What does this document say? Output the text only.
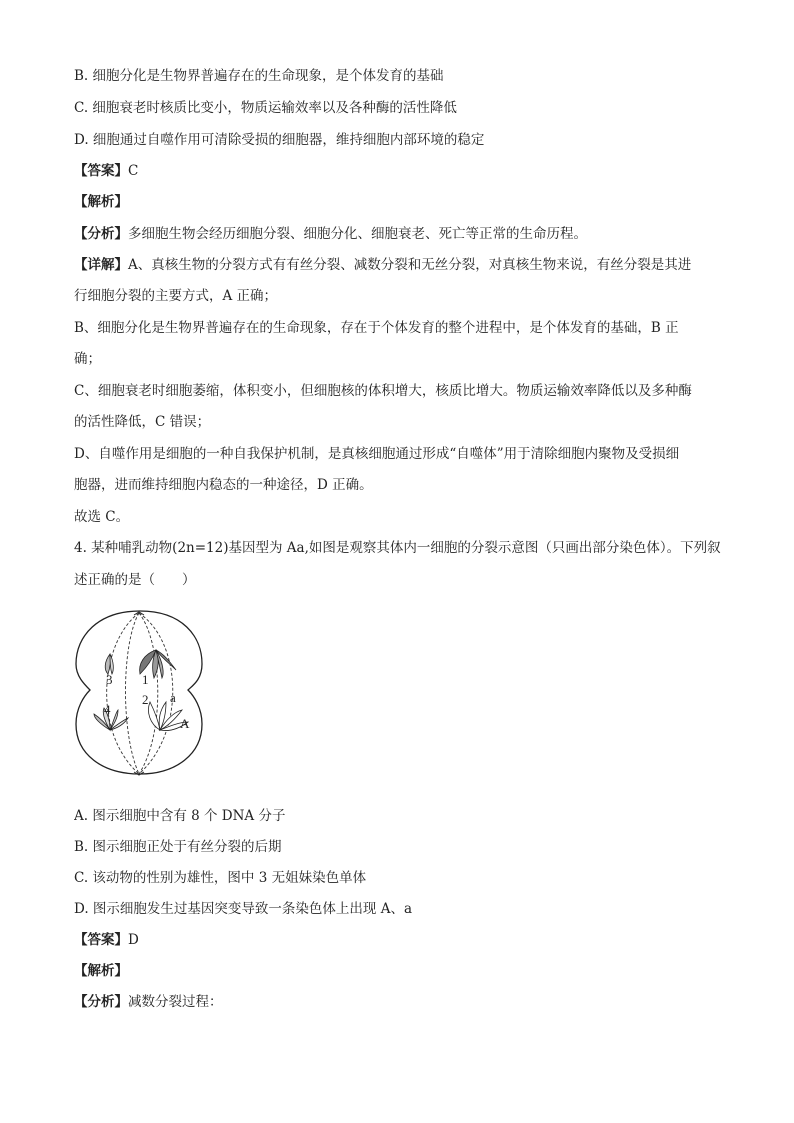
B. 细胞分化是生物界普遍存在的生命现象，是个体发育的基础
C. 细胞衰老时核质比变小，物质运输效率以及各种酶的活性降低
D. 细胞通过自噬作用可清除受损的细胞器，维持细胞内部环境的稳定
【答案】C
【解析】
【分析】多细胞生物会经历细胞分裂、细胞分化、细胞衰老、死亡等正常的生命历程。
【详解】A、真核生物的分裂方式有有丝分裂、减数分裂和无丝分裂，对真核生物来说，有丝分裂是其进
行细胞分裂的主要方式，A 正确；
B、细胞分化是生物界普遍存在的生命现象，存在于个体发育的整个进程中，是个体发育的基础，B 正
确；
C、细胞衰老时细胞萎缩，体积变小，但细胞核的体积增大，核质比增大。物质运输效率降低以及多种酶
的活性降低，C 错误；
D、自噬作用是细胞的一种自我保护机制，是真核细胞通过形成“自噬体”用于清除细胞内聚物及受损细
胞器，进而维持细胞内稳态的一种途径，D 正确。
故选 C。
4. 某种哺乳动物(2n=12)基因型为 Aa,如图是观察其体内一细胞的分裂示意图（只画出部分染色体）。下列叙
述正确的是（　　）
3 1
2 a
4
A
A. 图示细胞中含有 8 个 DNA 分子
B. 图示细胞正处于有丝分裂的后期
C. 该动物的性别为雄性，图中 3 无姐妹染色单体
D. 图示细胞发生过基因突变导致一条染色体上出现 A、a
【答案】D
【解析】
【分析】减数分裂过程：
